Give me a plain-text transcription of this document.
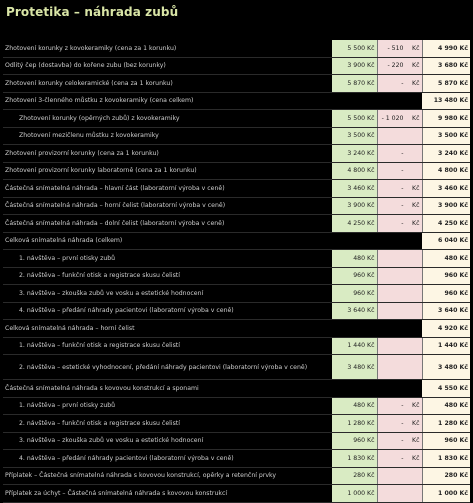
Protetika – náhrada zubů
Zhotovení korunky z kovokeramiky (cena za 1 korunku)	5 500 Kč	- 510 Kč	4 990 Kč
Odlitý čep (dostavba) do kořene zubu (bez korunky)	3 900 Kč	- 220 Kč	3 680 Kč
Zhotovení korunky celokeramické (cena za 1 korunku)	5 870 Kč	- Kč	5 870 Kč
Zhotovení 3-členného můstku z kovokeramiky (cena celkem)			13 480 Kč
Zhotovení korunky (opěrných zubů) z kovokeramiky	5 500 Kč	- 1 020 Kč	9 980 Kč
Zhotovení mezičlenu můstku z kovokeramiky	3 500 Kč		3 500 Kč
Zhotovení provizorní korunky (cena za 1 korunku)	3 240 Kč	-	3 240 Kč
Zhotovení provizorní korunky laboratorně (cena za 1 korunku)	4 800 Kč	-	4 800 Kč
Částečná snímatelná náhrada – hlavní část (laboratorní výroba v ceně)	3 460 Kč	- Kč	3 460 Kč
Částečná snímatelná náhrada – horní čelist (laboratorní výroba v ceně)	3 900 Kč	- Kč	3 900 Kč
Částečná snímatelná náhrada – dolní čelist (laboratorní výroba v ceně)	4 250 Kč	- Kč	4 250 Kč
Celková snímatelná náhrada (celkem)			6 040 Kč
1. návštěva – první otisky zubů	480 Kč		480 Kč
2. návštěva – funkční otisk a registrace skusu čelistí	960 Kč		960 Kč
3. návštěva – zkouška zubů ve vosku a estetické hodnocení	960 Kč		960 Kč
4. návštěva – předání náhrady pacientovi (laboratorní výroba v ceně)	3 640 Kč		3 640 Kč
Celková snímatelná náhrada – horní čelist			4 920 Kč
1. návštěva – funkční otisk a registrace skusu čelistí	1 440 Kč		1 440 Kč
2. návštěva – estetické vyhodnocení, předání náhrady pacientovi (laboratorní výroba v ceně)	3 480 Kč		3 480 Kč
Částečná snímatelná náhrada s kovovou konstrukcí a sponami			4 550 Kč
1. návštěva – první otisky zubů	480 Kč	- Kč	480 Kč
2. návštěva – funkční otisk a registrace skusu čelistí	1 280 Kč	- Kč	1 280 Kč
3. návštěva – zkouška zubů ve vosku a estetické hodnocení	960 Kč	- Kč	960 Kč
4. návštěva – předání náhrady pacientovi (laboratorní výroba v ceně)	1 830 Kč	- Kč	1 830 Kč
Příplatek – Částečná snímatelná náhrada s kovovou konstrukcí, opěrky a retenční prvky	280 Kč		280 Kč
Příplatek za úchyt – Částečná snímatelná náhrada s kovovou konstrukcí	1 000 Kč		1 000 Kč
